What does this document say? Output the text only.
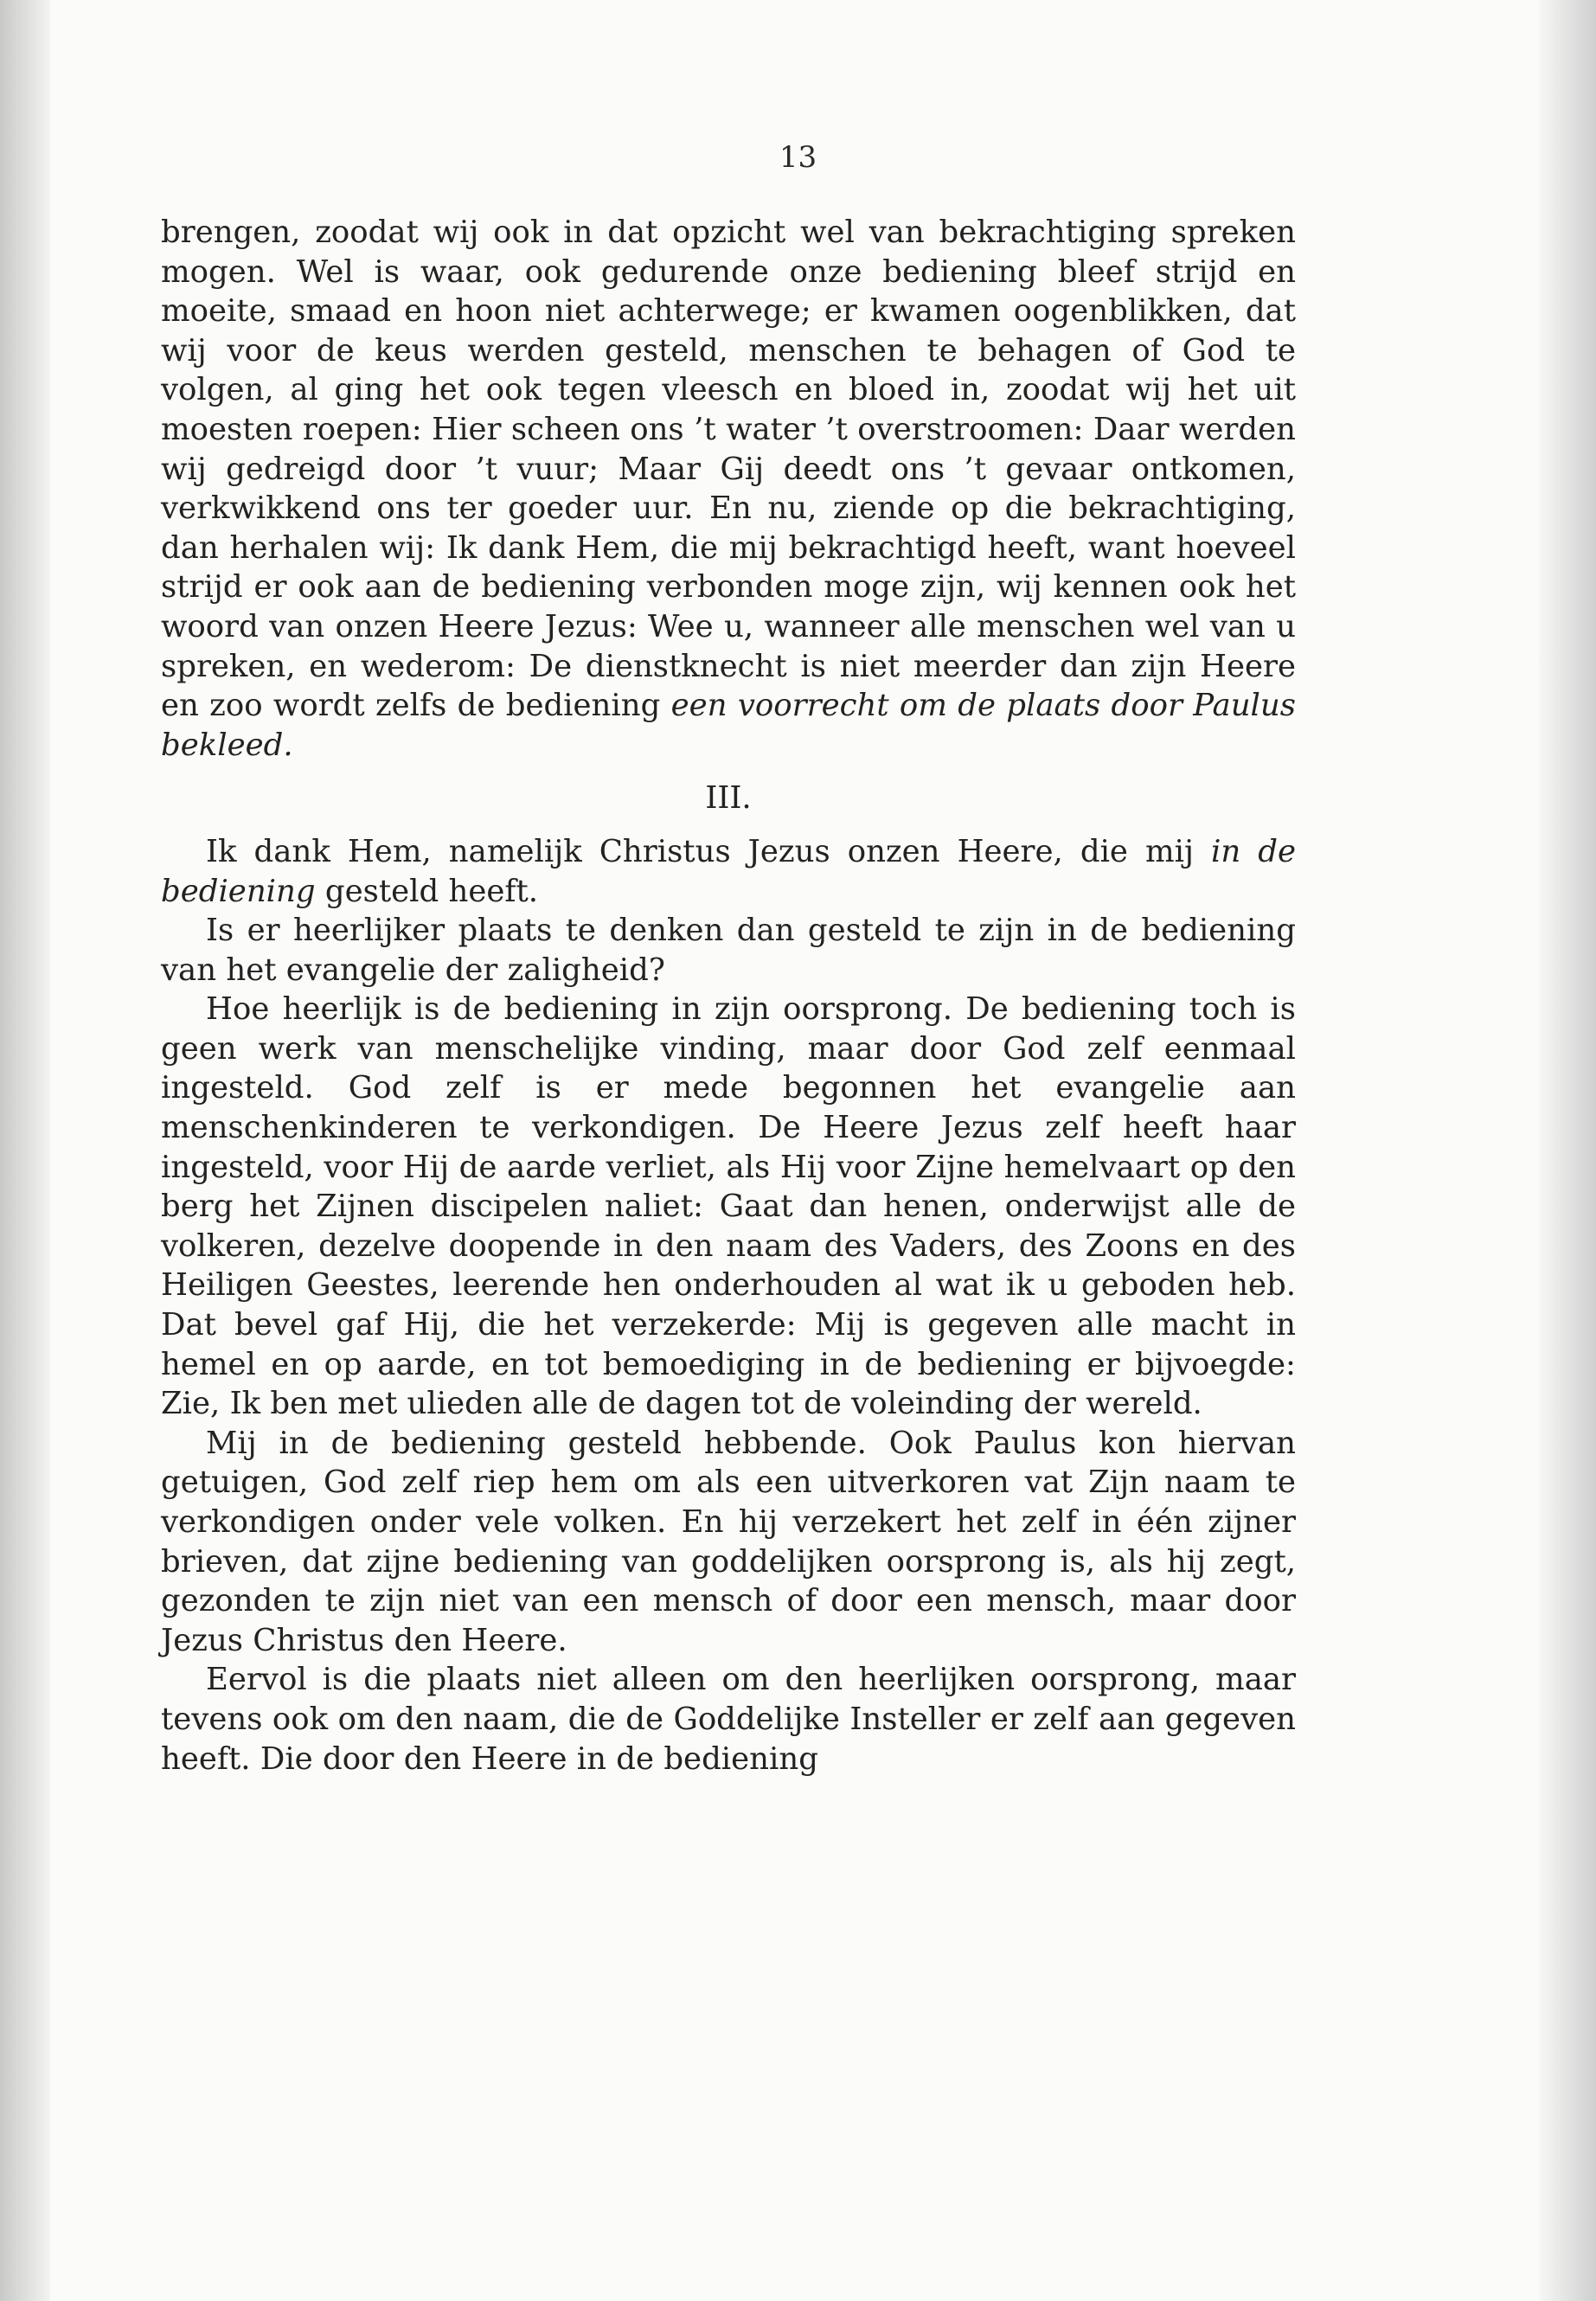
13

brengen, zoodat wij ook in dat opzicht wel van bekrachtiging spreken mogen. Wel is waar, ook gedurende onze bediening bleef strijd en moeite, smaad en hoon niet achterwege; er kwamen oogenblikken, dat wij voor de keus werden gesteld, menschen te behagen of God te volgen, al ging het ook tegen vleesch en bloed in, zoodat wij het uit moesten roepen: Hier scheen ons ’t water ’t overstroomen: Daar werden wij gedreigd door ’t vuur; Maar Gij deedt ons ’t gevaar ontkomen, verkwikkend ons ter goeder uur. En nu, ziende op die bekrachtiging, dan herhalen wij: Ik dank Hem, die mij bekrachtigd heeft, want hoeveel strijd er ook aan de bediening verbonden moge zijn, wij kennen ook het woord van onzen Heere Jezus: Wee u, wanneer alle menschen wel van u spreken, en wederom: De dienstknecht is niet meerder dan zijn Heere en zoo wordt zelfs de bediening een voorrecht om de plaats door Paulus bekleed.

III.

Ik dank Hem, namelijk Christus Jezus onzen Heere, die mij in de bediening gesteld heeft.

Is er heerlijker plaats te denken dan gesteld te zijn in de bediening van het evangelie der zaligheid?

Hoe heerlijk is de bediening in zijn oorsprong. De bediening toch is geen werk van menschelijke vinding, maar door God zelf eenmaal ingesteld. God zelf is er mede begonnen het evangelie aan menschenkinderen te verkondigen. De Heere Jezus zelf heeft haar ingesteld, voor Hij de aarde verliet, als Hij voor Zijne hemelvaart op den berg het Zijnen discipelen naliet: Gaat dan henen, onderwijst alle de volkeren, dezelve doopende in den naam des Vaders, des Zoons en des Heiligen Geestes, leerende hen onderhouden al wat ik u geboden heb. Dat bevel gaf Hij, die het verzekerde: Mij is gegeven alle macht in hemel en op aarde, en tot bemoediging in de bediening er bijvoegde: Zie, Ik ben met ulieden alle de dagen tot de voleinding der wereld.

Mij in de bediening gesteld hebbende. Ook Paulus kon hiervan getuigen, God zelf riep hem om als een uitverkoren vat Zijn naam te verkondigen onder vele volken. En hij verzekert het zelf in één zijner brieven, dat zijne bediening van goddelijken oorsprong is, als hij zegt, gezonden te zijn niet van een mensch of door een mensch, maar door Jezus Christus den Heere.

Eervol is die plaats niet alleen om den heerlijken oorsprong, maar tevens ook om den naam, die de Goddelijke Insteller er zelf aan gegeven heeft. Die door den Heere in de bediening
